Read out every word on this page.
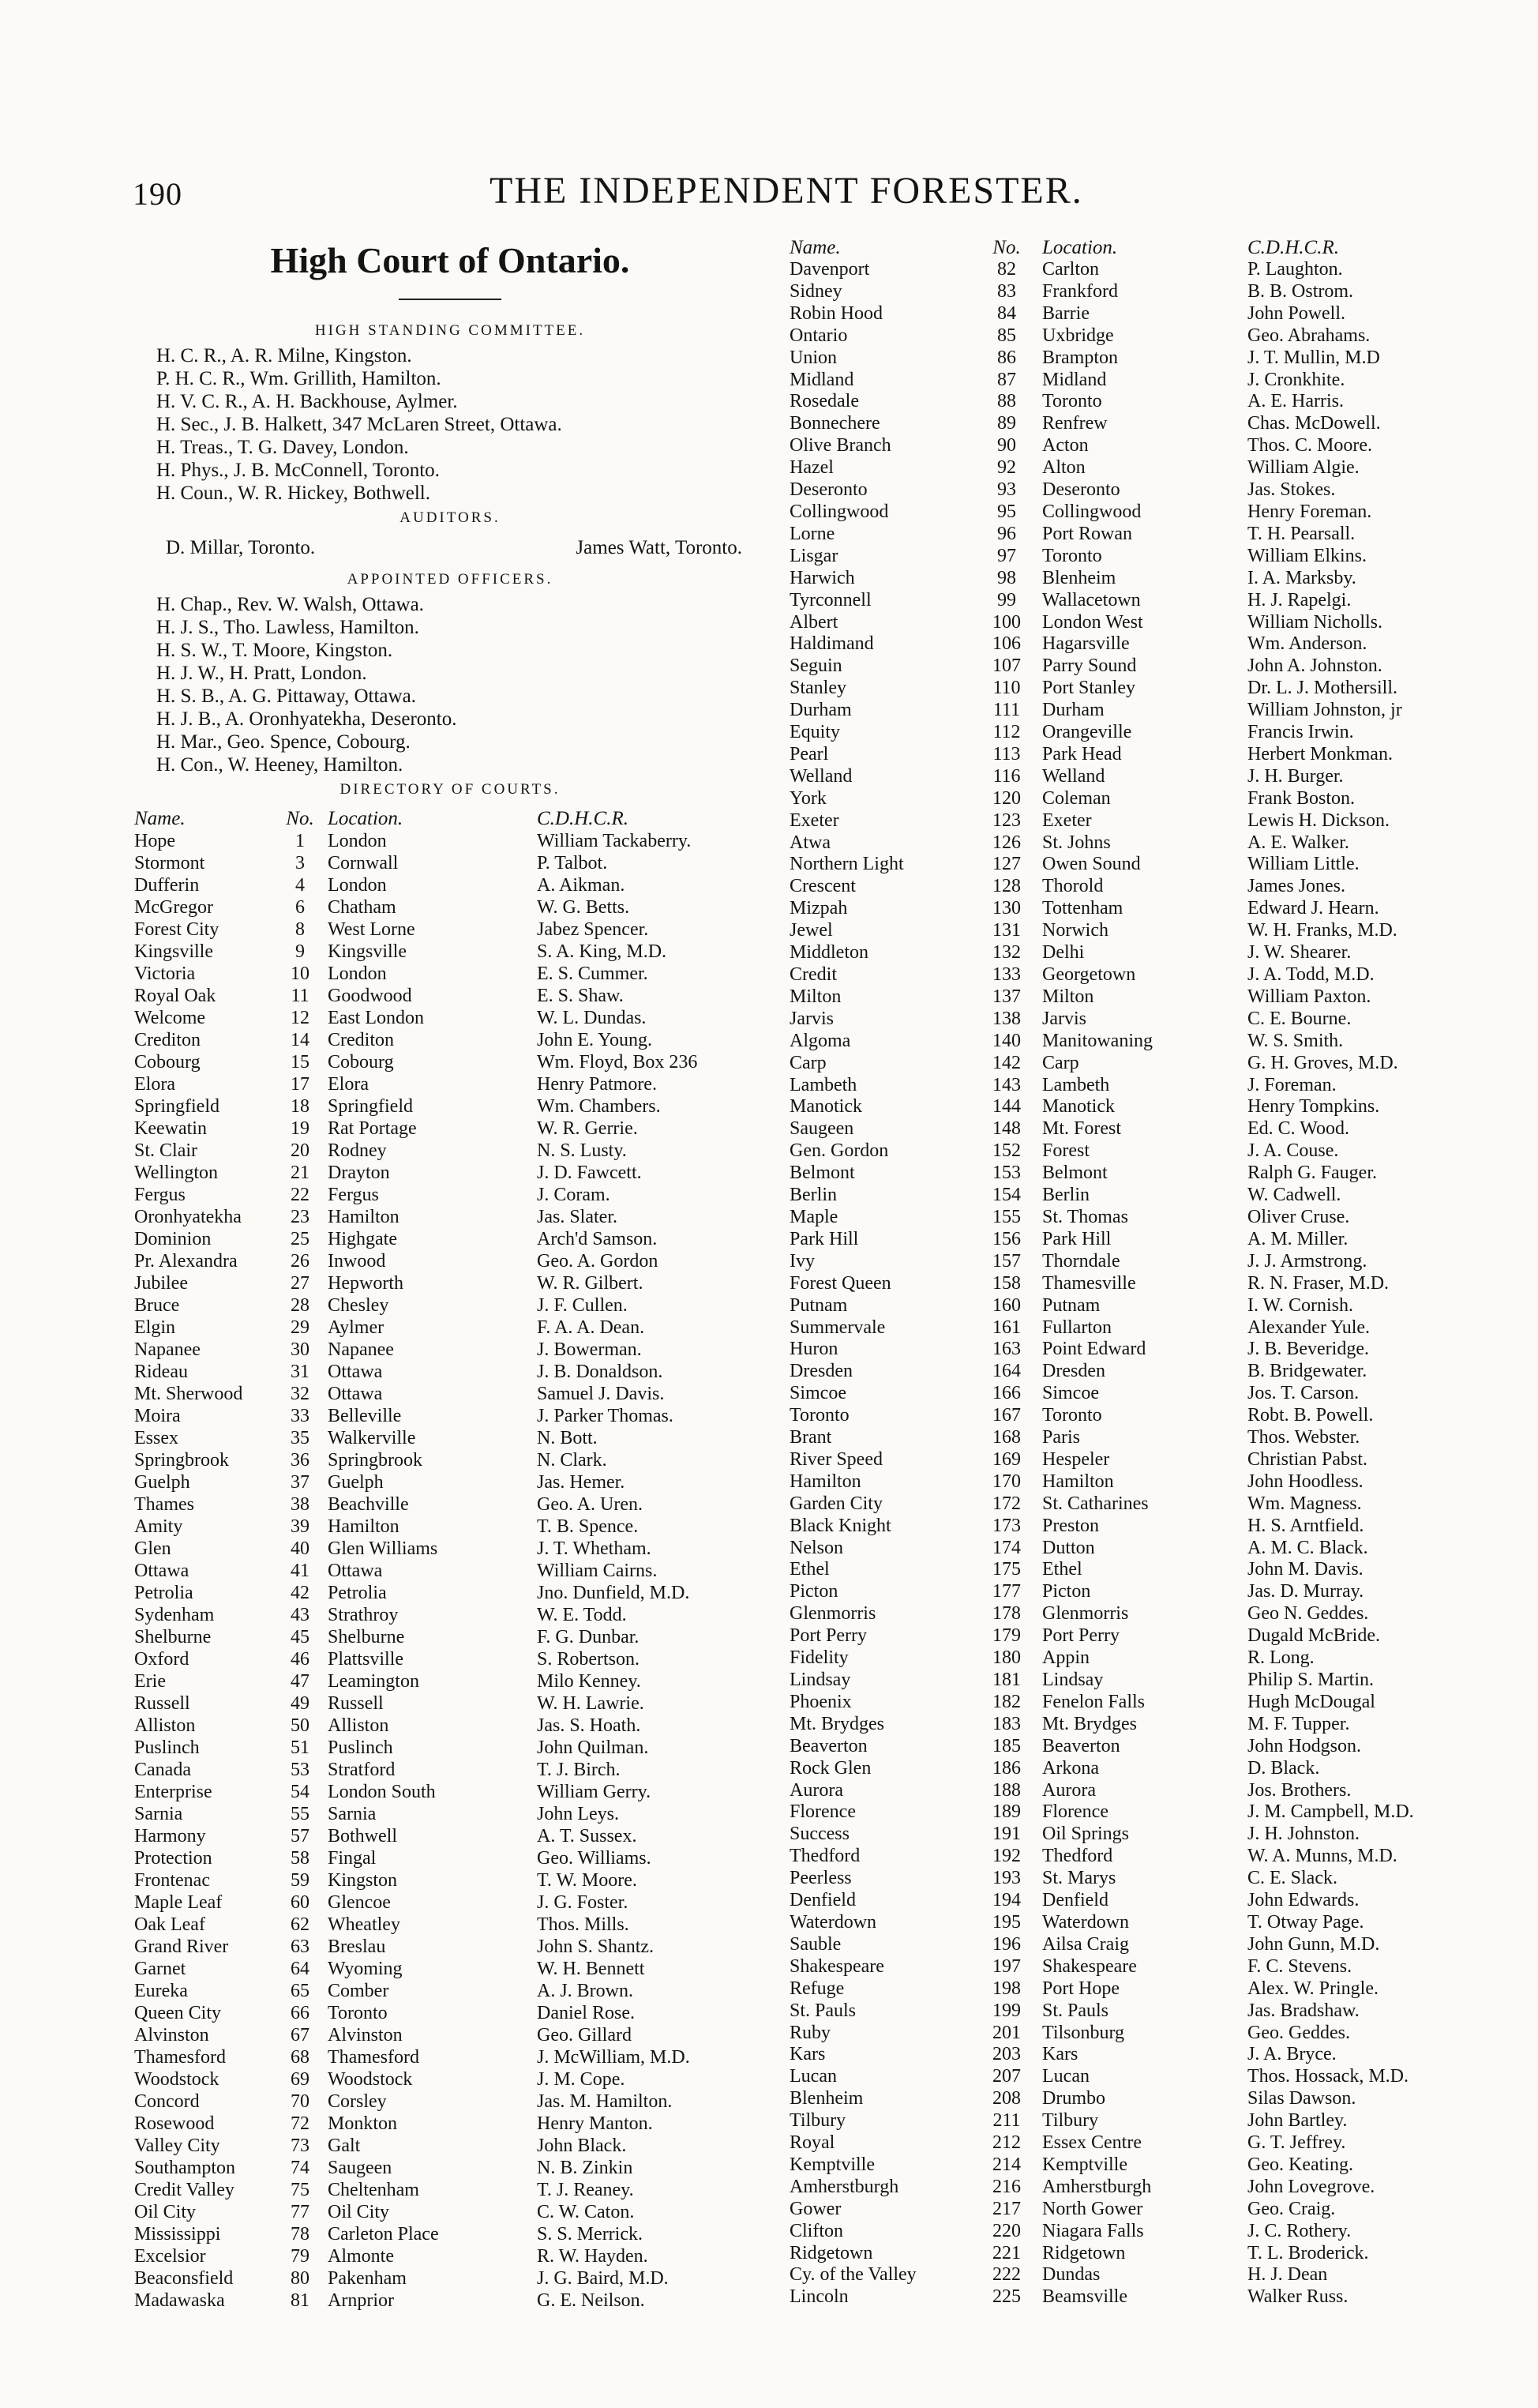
190	THE INDEPENDENT FORESTER.
High Court of Ontario.
HIGH STANDING COMMITTEE.
H. C. R., A. R. Milne, Kingston.
P. H. C. R., Wm. Grillith, Hamilton.
H. V. C. R., A. H. Backhouse, Aylmer.
H. Sec., J. B. Halkett, 347 McLaren Street, Ottawa.
H. Treas., T. G. Davey, London.
H. Phys., J. B. McConnell, Toronto.
H. Coun., W. R. Hickey, Bothwell.
AUDITORS.
D. Millar, Toronto.	James Watt, Toronto.
APPOINTED OFFICERS.
H. Chap., Rev. W. Walsh, Ottawa.
H. J. S., Tho. Lawless, Hamilton.
H. S. W., T. Moore, Kingston.
H. J. W., H. Pratt, London.
H. S. B., A. G. Pittaway, Ottawa.
H. J. B., A. Oronhyatekha, Deseronto.
H. Mar., Geo. Spence, Cobourg.
H. Con., W. Heeney, Hamilton.
DIRECTORY OF COURTS.
Name.	No.	Location.	C.D.H.C.R.
Hope	1	London	William Tackaberry.
Stormont	3	Cornwall	P. Talbot.
Dufferin	4	London	A. Aikman.
McGregor	6	Chatham	W. G. Betts.
Forest City	8	West Lorne	Jabez Spencer.
Kingsville	9	Kingsville	S. A. King, M.D.
Victoria	10	London	E. S. Cummer.
Royal Oak	11	Goodwood	E. S. Shaw.
Welcome	12	East London	W. L. Dundas.
Crediton	14	Crediton	John E. Young.
Cobourg	15	Cobourg	Wm. Floyd, Box 236
Elora	17	Elora	Henry Patmore.
Springfield	18	Springfield	Wm. Chambers.
Keewatin	19	Rat Portage	W. R. Gerrie.
St. Clair	20	Rodney	N. S. Lusty.
Wellington	21	Drayton	J. D. Fawcett.
Fergus	22	Fergus	J. Coram.
Oronhyatekha	23	Hamilton	Jas. Slater.
Dominion	25	Highgate	Arch'd Samson.
Pr. Alexandra	26	Inwood	Geo. A. Gordon
Jubilee	27	Hepworth	W. R. Gilbert.
Bruce	28	Chesley	J. F. Cullen.
Elgin	29	Aylmer	F. A. A. Dean.
Napanee	30	Napanee	J. Bowerman.
Rideau	31	Ottawa	J. B. Donaldson.
Mt. Sherwood	32	Ottawa	Samuel J. Davis.
Moira	33	Belleville	J. Parker Thomas.
Essex	35	Walkerville	N. Bott.
Springbrook	36	Springbrook	N. Clark.
Guelph	37	Guelph	Jas. Hemer.
Thames	38	Beachville	Geo. A. Uren.
Amity	39	Hamilton	T. B. Spence.
Glen	40	Glen Williams	J. T. Whetham.
Ottawa	41	Ottawa	William Cairns.
Petrolia	42	Petrolia	Jno. Dunfield, M.D.
Sydenham	43	Strathroy	W. E. Todd.
Shelburne	45	Shelburne	F. G. Dunbar.
Oxford	46	Plattsville	S. Robertson.
Erie	47	Leamington	Milo Kenney.
Russell	49	Russell	W. H. Lawrie.
Alliston	50	Alliston	Jas. S. Hoath.
Puslinch	51	Puslinch	John Quilman.
Canada	53	Stratford	T. J. Birch.
Enterprise	54	London South	William Gerry.
Sarnia	55	Sarnia	John Leys.
Harmony	57	Bothwell	A. T. Sussex.
Protection	58	Fingal	Geo. Williams.
Frontenac	59	Kingston	T. W. Moore.
Maple Leaf	60	Glencoe	J. G. Foster.
Oak Leaf	62	Wheatley	Thos. Mills.
Grand River	63	Breslau	John S. Shantz.
Garnet	64	Wyoming	W. H. Bennett
Eureka	65	Comber	A. J. Brown.
Queen City	66	Toronto	Daniel Rose.
Alvinston	67	Alvinston	Geo. Gillard
Thamesford	68	Thamesford	J. McWilliam, M.D.
Woodstock	69	Woodstock	J. M. Cope.
Concord	70	Corsley	Jas. M. Hamilton.
Rosewood	72	Monkton	Henry Manton.
Valley City	73	Galt	John Black.
Southampton	74	Saugeen	N. B. Zinkin
Credit Valley	75	Cheltenham	T. J. Reaney.
Oil City	77	Oil City	C. W. Caton.
Mississippi	78	Carleton Place	S. S. Merrick.
Excelsior	79	Almonte	R. W. Hayden.
Beaconsfield	80	Pakenham	J. G. Baird, M.D.
Madawaska	81	Arnprior	G. E. Neilson.
Name.	No.	Location.	C.D.H.C.R.
Davenport	82	Carlton	P. Laughton.
Sidney	83	Frankford	B. B. Ostrom.
Robin Hood	84	Barrie	John Powell.
Ontario	85	Uxbridge	Geo. Abrahams.
Union	86	Brampton	J. T. Mullin, M.D
Midland	87	Midland	J. Cronkhite.
Rosedale	88	Toronto	A. E. Harris.
Bonnechere	89	Renfrew	Chas. McDowell.
Olive Branch	90	Acton	Thos. C. Moore.
Hazel	92	Alton	William Algie.
Deseronto	93	Deseronto	Jas. Stokes.
Collingwood	95	Collingwood	Henry Foreman.
Lorne	96	Port Rowan	T. H. Pearsall.
Lisgar	97	Toronto	William Elkins.
Harwich	98	Blenheim	I. A. Marksby.
Tyrconnell	99	Wallacetown	H. J. Rapelgi.
Albert	100	London West	William Nicholls.
Haldimand	106	Hagarsville	Wm. Anderson.
Seguin	107	Parry Sound	John A. Johnston.
Stanley	110	Port Stanley	Dr. L. J. Mothersill.
Durham	111	Durham	William Johnston, jr
Equity	112	Orangeville	Francis Irwin.
Pearl	113	Park Head	Herbert Monkman.
Welland	116	Welland	J. H. Burger.
York	120	Coleman	Frank Boston.
Exeter	123	Exeter	Lewis H. Dickson.
Atwa	126	St. Johns	A. E. Walker.
Northern Light	127	Owen Sound	William Little.
Crescent	128	Thorold	James Jones.
Mizpah	130	Tottenham	Edward J. Hearn.
Jewel	131	Norwich	W. H. Franks, M.D.
Middleton	132	Delhi	J. W. Shearer.
Credit	133	Georgetown	J. A. Todd, M.D.
Milton	137	Milton	William Paxton.
Jarvis	138	Jarvis	C. E. Bourne.
Algoma	140	Manitowaning	W. S. Smith.
Carp	142	Carp	G. H. Groves, M.D.
Lambeth	143	Lambeth	J. Foreman.
Manotick	144	Manotick	Henry Tompkins.
Saugeen	148	Mt. Forest	Ed. C. Wood.
Gen. Gordon	152	Forest	J. A. Couse.
Belmont	153	Belmont	Ralph G. Fauger.
Berlin	154	Berlin	W. Cadwell.
Maple	155	St. Thomas	Oliver Cruse.
Park Hill	156	Park Hill	A. M. Miller.
Ivy	157	Thorndale	J. J. Armstrong.
Forest Queen	158	Thamesville	R. N. Fraser, M.D.
Putnam	160	Putnam	I. W. Cornish.
Summervale	161	Fullarton	Alexander Yule.
Huron	163	Point Edward	J. B. Beveridge.
Dresden	164	Dresden	B. Bridgewater.
Simcoe	166	Simcoe	Jos. T. Carson.
Toronto	167	Toronto	Robt. B. Powell.
Brant	168	Paris	Thos. Webster.
River Speed	169	Hespeler	Christian Pabst.
Hamilton	170	Hamilton	John Hoodless.
Garden City	172	St. Catharines	Wm. Magness.
Black Knight	173	Preston	H. S. Arntfield.
Nelson	174	Dutton	A. M. C. Black.
Ethel	175	Ethel	John M. Davis.
Picton	177	Picton	Jas. D. Murray.
Glenmorris	178	Glenmorris	Geo N. Geddes.
Port Perry	179	Port Perry	Dugald McBride.
Fidelity	180	Appin	R. Long.
Lindsay	181	Lindsay	Philip S. Martin.
Phoenix	182	Fenelon Falls	Hugh McDougal
Mt. Brydges	183	Mt. Brydges	M. F. Tupper.
Beaverton	185	Beaverton	John Hodgson.
Rock Glen	186	Arkona	D. Black.
Aurora	188	Aurora	Jos. Brothers.
Florence	189	Florence	J. M. Campbell, M.D.
Success	191	Oil Springs	J. H. Johnston.
Thedford	192	Thedford	W. A. Munns, M.D.
Peerless	193	St. Marys	C. E. Slack.
Denfield	194	Denfield	John Edwards.
Waterdown	195	Waterdown	T. Otway Page.
Sauble	196	Ailsa Craig	John Gunn, M.D.
Shakespeare	197	Shakespeare	F. C. Stevens.
Refuge	198	Port Hope	Alex. W. Pringle.
St. Pauls	199	St. Pauls	Jas. Bradshaw.
Ruby	201	Tilsonburg	Geo. Geddes.
Kars	203	Kars	J. A. Bryce.
Lucan	207	Lucan	Thos. Hossack, M.D.
Blenheim	208	Drumbo	Silas Dawson.
Tilbury	211	Tilbury	John Bartley.
Royal	212	Essex Centre	G. T. Jeffrey.
Kemptville	214	Kemptville	Geo. Keating.
Amherstburgh	216	Amherstburgh	John Lovegrove.
Gower	217	North Gower	Geo. Craig.
Clifton	220	Niagara Falls	J. C. Rothery.
Ridgetown	221	Ridgetown	T. L. Broderick.
Cy. of the Valley	222	Dundas	H. J. Dean
Lincoln	225	Beamsville	Walker Russ.
